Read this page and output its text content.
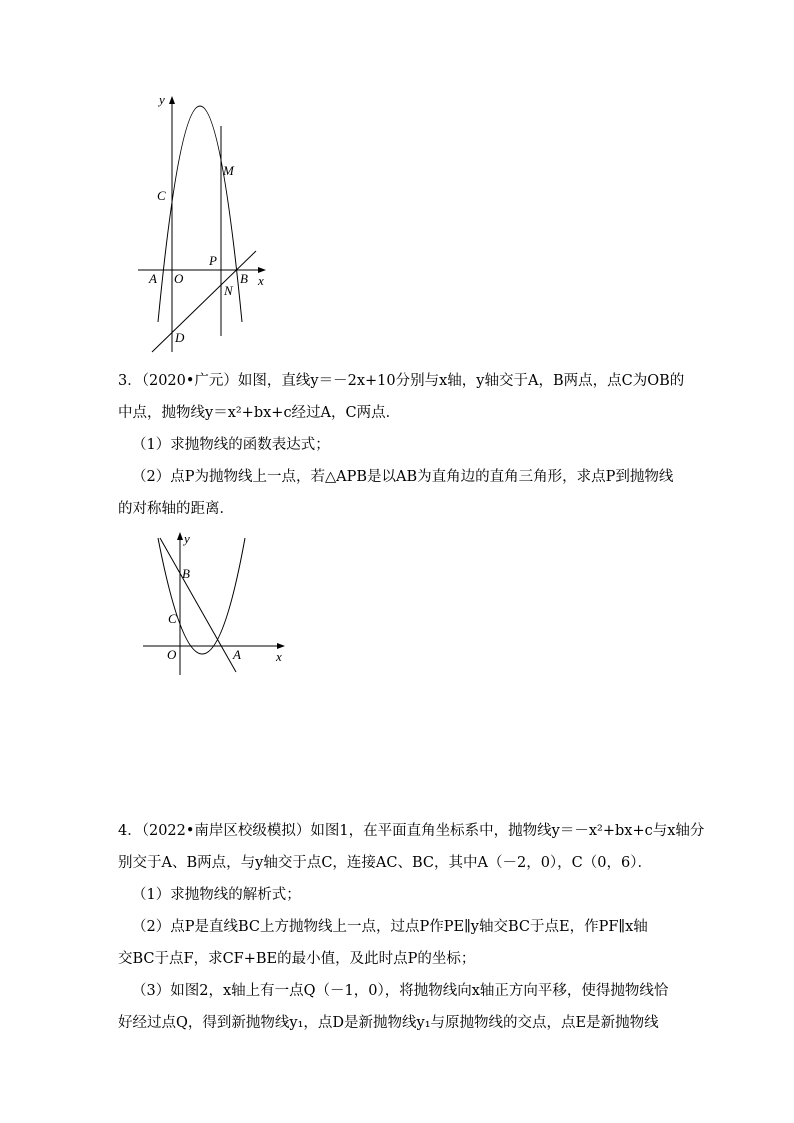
y
x
C
M
P
A O	B
N
D
3．（2020•广元）如图，直线y＝－2x+10分别与x轴，y轴交于A，B两点，点C为OB的
中点，抛物线y＝x²+bx+c经过A，C两点．
（1）求抛物线的函数表达式；
（2）点P为抛物线上一点，若△APB是以AB为直角边的直角三角形，求点P到抛物线
的对称轴的距离．
y
B
C
O	A	x
4．（2022•南岸区校级模拟）如图1，在平面直角坐标系中，抛物线y＝－x²+bx+c与x轴分
别交于A、B两点，与y轴交于点C，连接AC、BC，其中A（－2，0），C（0，6）．
（1）求抛物线的解析式；
（2）点P是直线BC上方抛物线上一点，过点P作PE∥y轴交BC于点E，作PF∥x轴
交BC于点F，求CF+BE的最小值，及此时点P的坐标；
（3）如图2，x轴上有一点Q（－1，0），将抛物线向x轴正方向平移，使得抛物线恰
好经过点Q，得到新抛物线y₁，点D是新抛物线y₁与原抛物线的交点，点E是新抛物线
